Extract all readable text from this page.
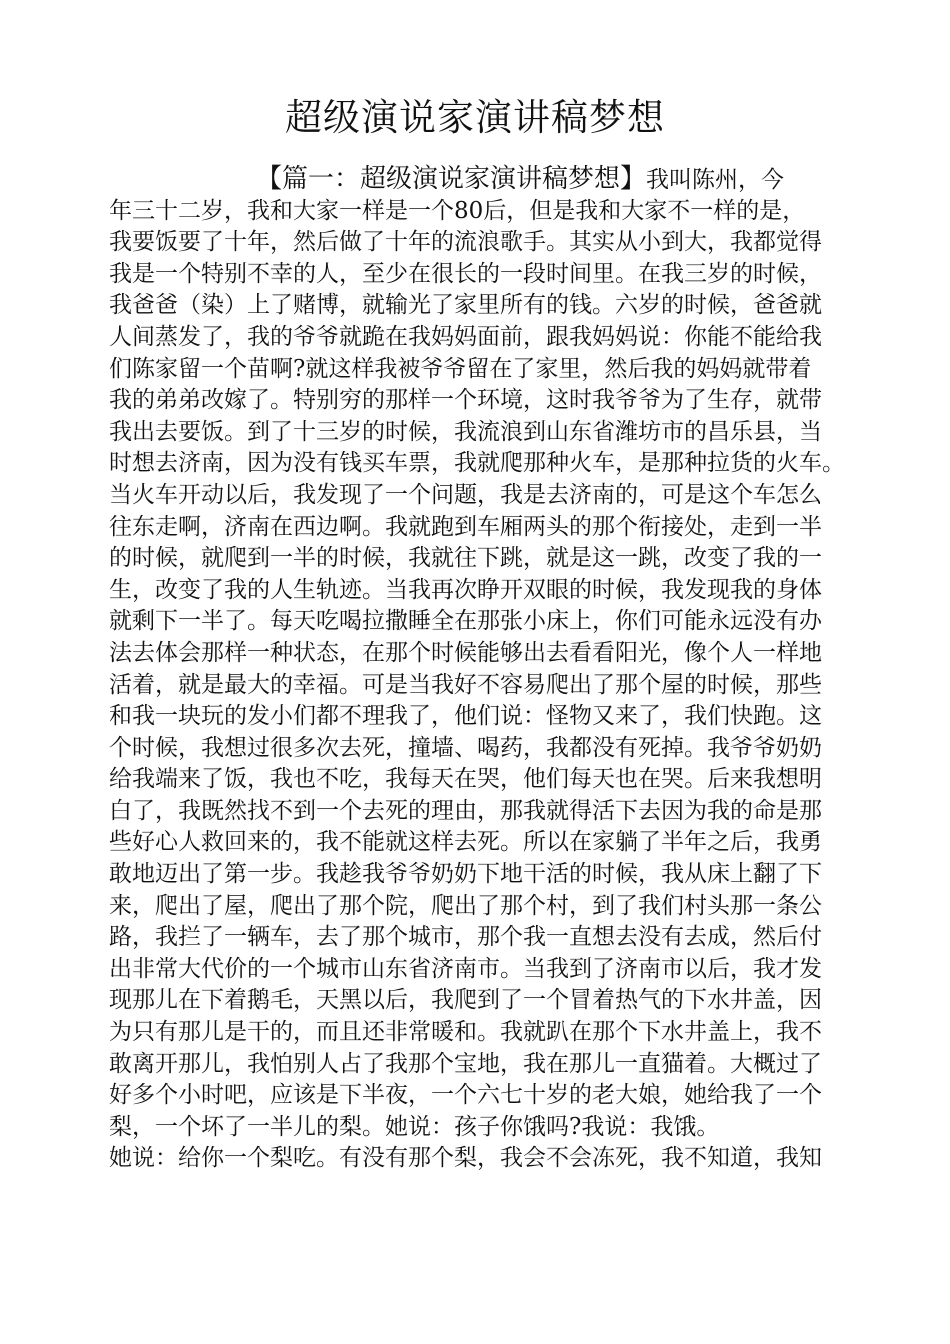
超级演说家演讲稿梦想
【篇一：超级演说家演讲稿梦想】我叫陈州，今
年三十二岁，我和大家一样是一个80后，但是我和大家不一样的是，
我要饭要了十年，然后做了十年的流浪歌手。其实从小到大，我都觉得
我是一个特别不幸的人，至少在很长的一段时间里。在我三岁的时候，
我爸爸（染）上了赌博，就输光了家里所有的钱。六岁的时候，爸爸就
人间蒸发了，我的爷爷就跪在我妈妈面前，跟我妈妈说：你能不能给我
们陈家留一个苗啊?就这样我被爷爷留在了家里，然后我的妈妈就带着
我的弟弟改嫁了。特别穷的那样一个环境，这时我爷爷为了生存，就带
我出去要饭。到了十三岁的时候，我流浪到山东省潍坊市的昌乐县，当
时想去济南，因为没有钱买车票，我就爬那种火车，是那种拉货的火车。
当火车开动以后，我发现了一个问题，我是去济南的，可是这个车怎么
往东走啊，济南在西边啊。我就跑到车厢两头的那个衔接处，走到一半
的时候，就爬到一半的时候，我就往下跳，就是这一跳，改变了我的一
生，改变了我的人生轨迹。当我再次睁开双眼的时候，我发现我的身体
就剩下一半了。每天吃喝拉撒睡全在那张小床上，你们可能永远没有办
法去体会那样一种状态，在那个时候能够出去看看阳光，像个人一样地
活着，就是最大的幸福。可是当我好不容易爬出了那个屋的时候，那些
和我一块玩的发小们都不理我了，他们说：怪物又来了，我们快跑。这
个时候，我想过很多次去死，撞墙、喝药，我都没有死掉。我爷爷奶奶
给我端来了饭，我也不吃，我每天在哭，他们每天也在哭。后来我想明
白了，我既然找不到一个去死的理由，那我就得活下去因为我的命是那
些好心人救回来的，我不能就这样去死。所以在家躺了半年之后，我勇
敢地迈出了第一步。我趁我爷爷奶奶下地干活的时候，我从床上翻了下
来，爬出了屋，爬出了那个院，爬出了那个村，到了我们村头那一条公
路，我拦了一辆车，去了那个城市，那个我一直想去没有去成，然后付
出非常大代价的一个城市山东省济南市。当我到了济南市以后，我才发
现那儿在下着鹅毛，天黑以后，我爬到了一个冒着热气的下水井盖，因
为只有那儿是干的，而且还非常暖和。我就趴在那个下水井盖上，我不
敢离开那儿，我怕别人占了我那个宝地，我在那儿一直猫着。大概过了
好多个小时吧，应该是下半夜，一个六七十岁的老大娘，她给我了一个
梨，一个坏了一半儿的梨。她说：孩子你饿吗?我说：我饿。
她说：给你一个梨吃。有没有那个梨，我会不会冻死，我不知道，我知
